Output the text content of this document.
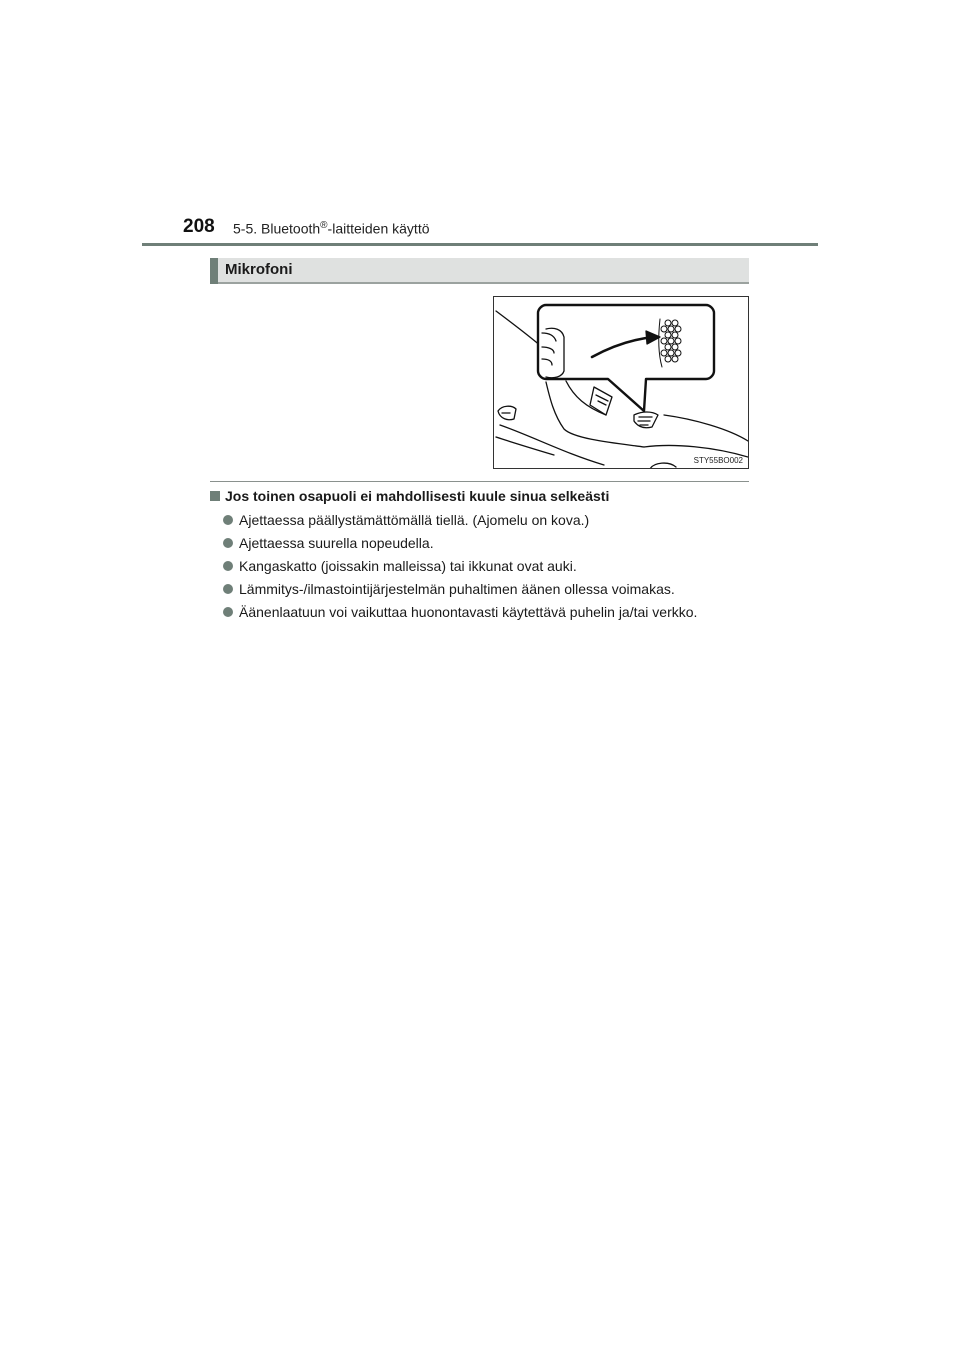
208 5-5. Bluetooth®-laitteiden käyttö
Mikrofoni
STY55BO002
Jos toinen osapuoli ei mahdollisesti kuule sinua selkeästi
Ajettaessa päällystämättömällä tiellä. (Ajomelu on kova.)
Ajettaessa suurella nopeudella.
Kangaskatto (joissakin malleissa) tai ikkunat ovat auki.
Lämmitys-/ilmastointijärjestelmän puhaltimen äänen ollessa voimakas.
Äänenlaatuun voi vaikuttaa huonontavasti käytettävä puhelin ja/tai verkko.
